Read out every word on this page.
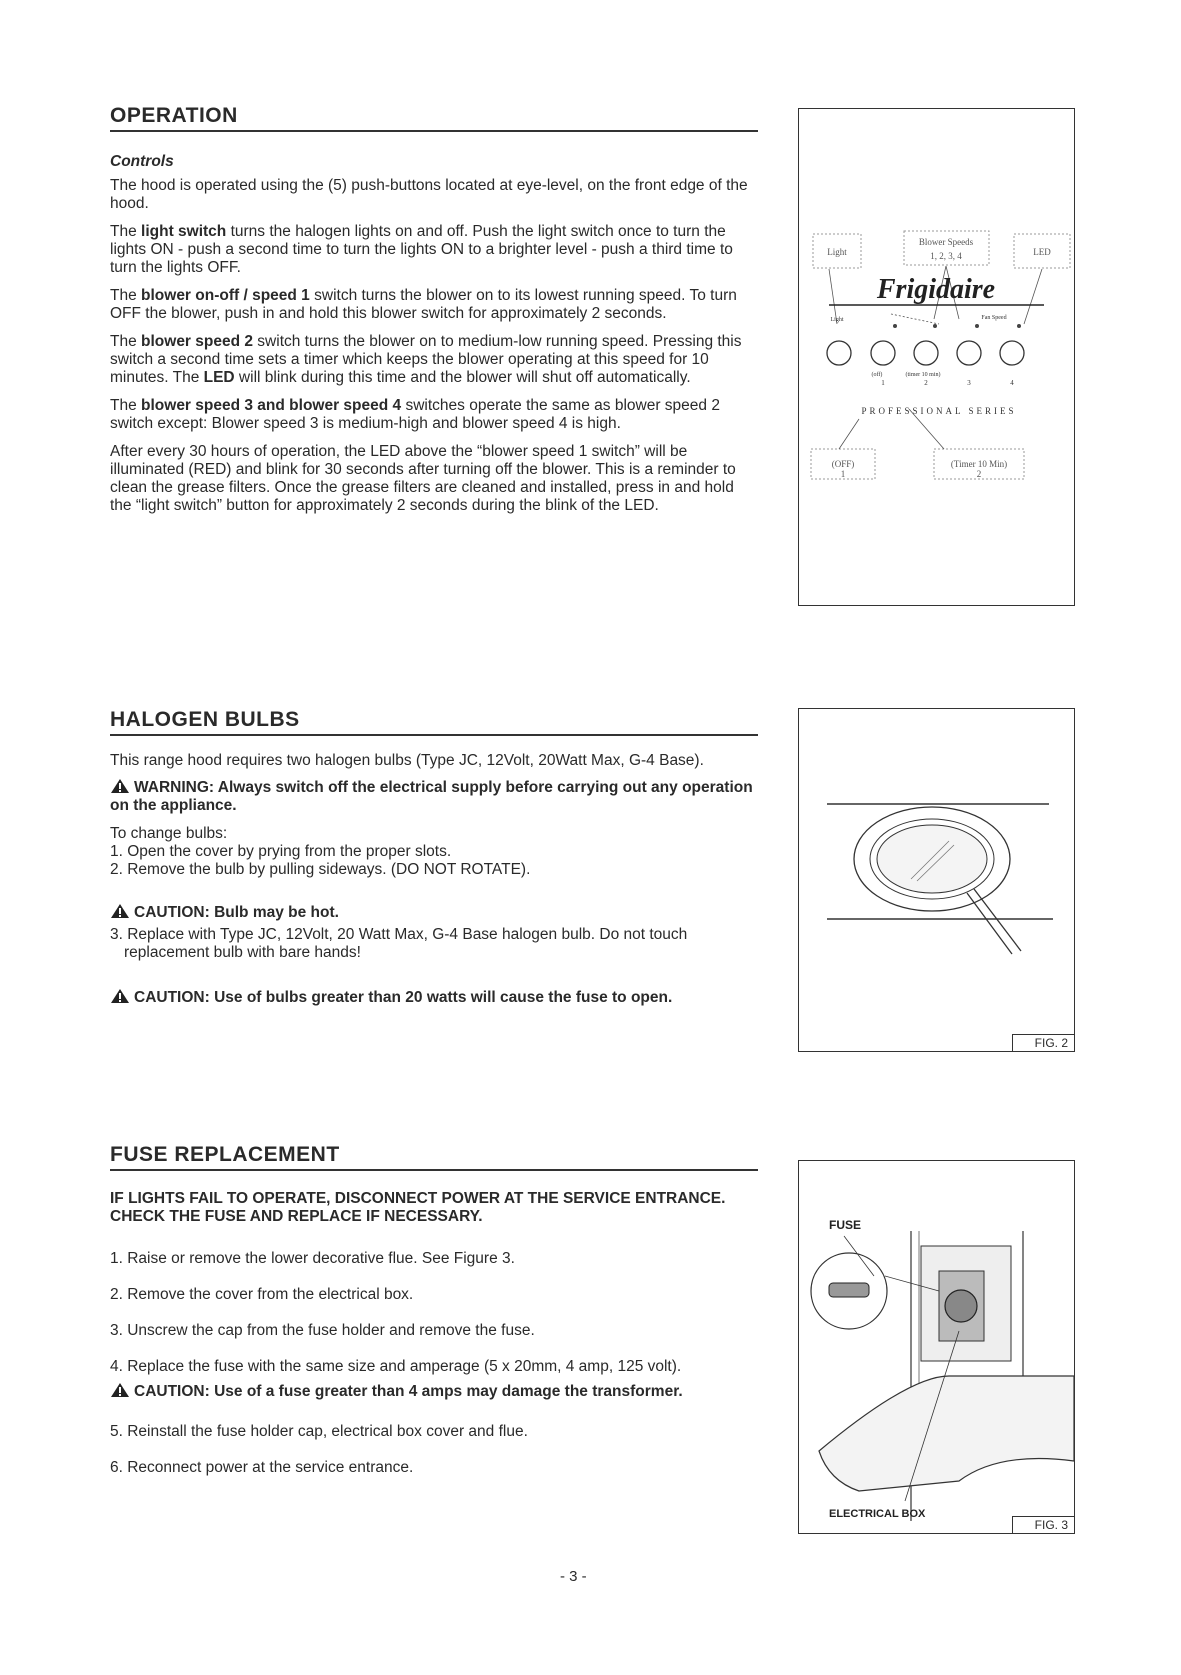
OPERATION

Controls

The hood is operated using the (5) push-buttons located at eye-level, on the front edge of the hood.

The light switch turns the halogen lights on and off. Push the light switch once to turn the lights ON - push a second time to turn the lights ON to a brighter level - push a third time to turn the lights OFF.

The blower on-off / speed 1 switch turns the blower on to its lowest running speed. To turn OFF the blower, push in and hold this blower switch for approximately 2 seconds.

The blower speed 2 switch turns the blower on to medium-low running speed. Pressing this switch a second time sets a timer which keeps the blower operating at this speed for 10 minutes. The LED will blink during this time and the blower will shut off automatically.

The blower speed 3 and blower speed 4 switches operate the same as blower speed 2 switch except: Blower speed 3 is medium-high and blower speed 4 is high.

After every 30 hours of operation, the LED above the “blower speed 1 switch” will be illuminated (RED) and blink for 30 seconds after turning off the blower. This is a reminder to clean the grease filters. Once the grease filters are cleaned and installed, press in and hold the “light switch” button for approximately 2 seconds during the blink of the LED.

Light
Blower Speeds
1, 2, 3, 4	LED
(OFF)
1
(Timer 10 Min)
2
Frigidaire
Light	Fan Speed
(off)	(timer 10 min)
1	2	3	4
PROFESSIONAL SERIES
HALOGEN BULBS

This range hood requires two halogen bulbs (Type JC, 12Volt, 20Watt Max, G-4 Base).

WARNING: Always switch off the electrical supply before carrying out any operation on the appliance.

To change bulbs:

1. Open the cover by prying from the proper slots.

2. Remove the bulb by pulling sideways. (DO NOT ROTATE).

CAUTION: Bulb may be hot.

3. Replace with Type JC, 12Volt, 20 Watt Max, G-4 Base halogen bulb. Do not touch replacement bulb with bare hands!

CAUTION: Use of bulbs greater than 20 watts will cause the fuse to open.

FIG. 2
FUSE REPLACEMENT

IF LIGHTS FAIL TO OPERATE, DISCONNECT POWER AT THE SERVICE ENTRANCE. CHECK THE FUSE AND REPLACE IF NECESSARY.

1. Raise or remove the lower decorative flue. See Figure 3.

2. Remove the cover from the electrical box.

3. Unscrew the cap from the fuse holder and remove the fuse.

4. Replace the fuse with the same size and amperage (5 x 20mm, 4 amp, 125 volt).

CAUTION: Use of a fuse greater than 4 amps may damage the transformer.

5. Reinstall the fuse holder cap, electrical box cover and flue.

6. Reconnect power at the service entrance.

FUSE
ELECTRICAL BOX
FIG. 3
- 3 -
